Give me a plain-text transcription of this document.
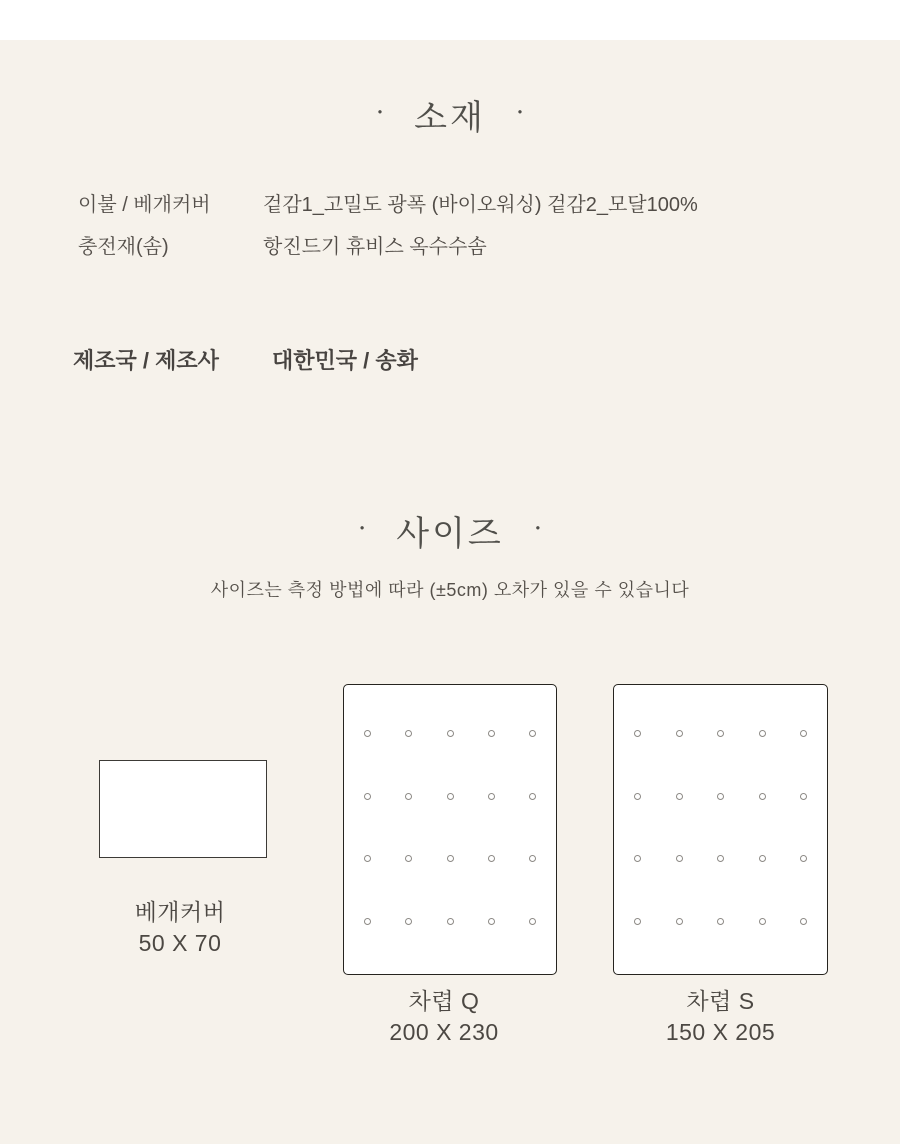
· 소재 ·
이불 / 베개커버	겉감1_고밀도 광폭 (바이오워싱) 겉감2_모달100%
충전재(솜)	항진드기 휴비스 옥수수솜
제조국 / 제조사	대한민국 / 송화
· 사이즈 ·

사이즈는 측정 방법에 따라 (±5cm) 오차가 있을 수 있습니다

베개커버
50 X 70
차렵 Q
200 X 230
차렵 S
150 X 205
